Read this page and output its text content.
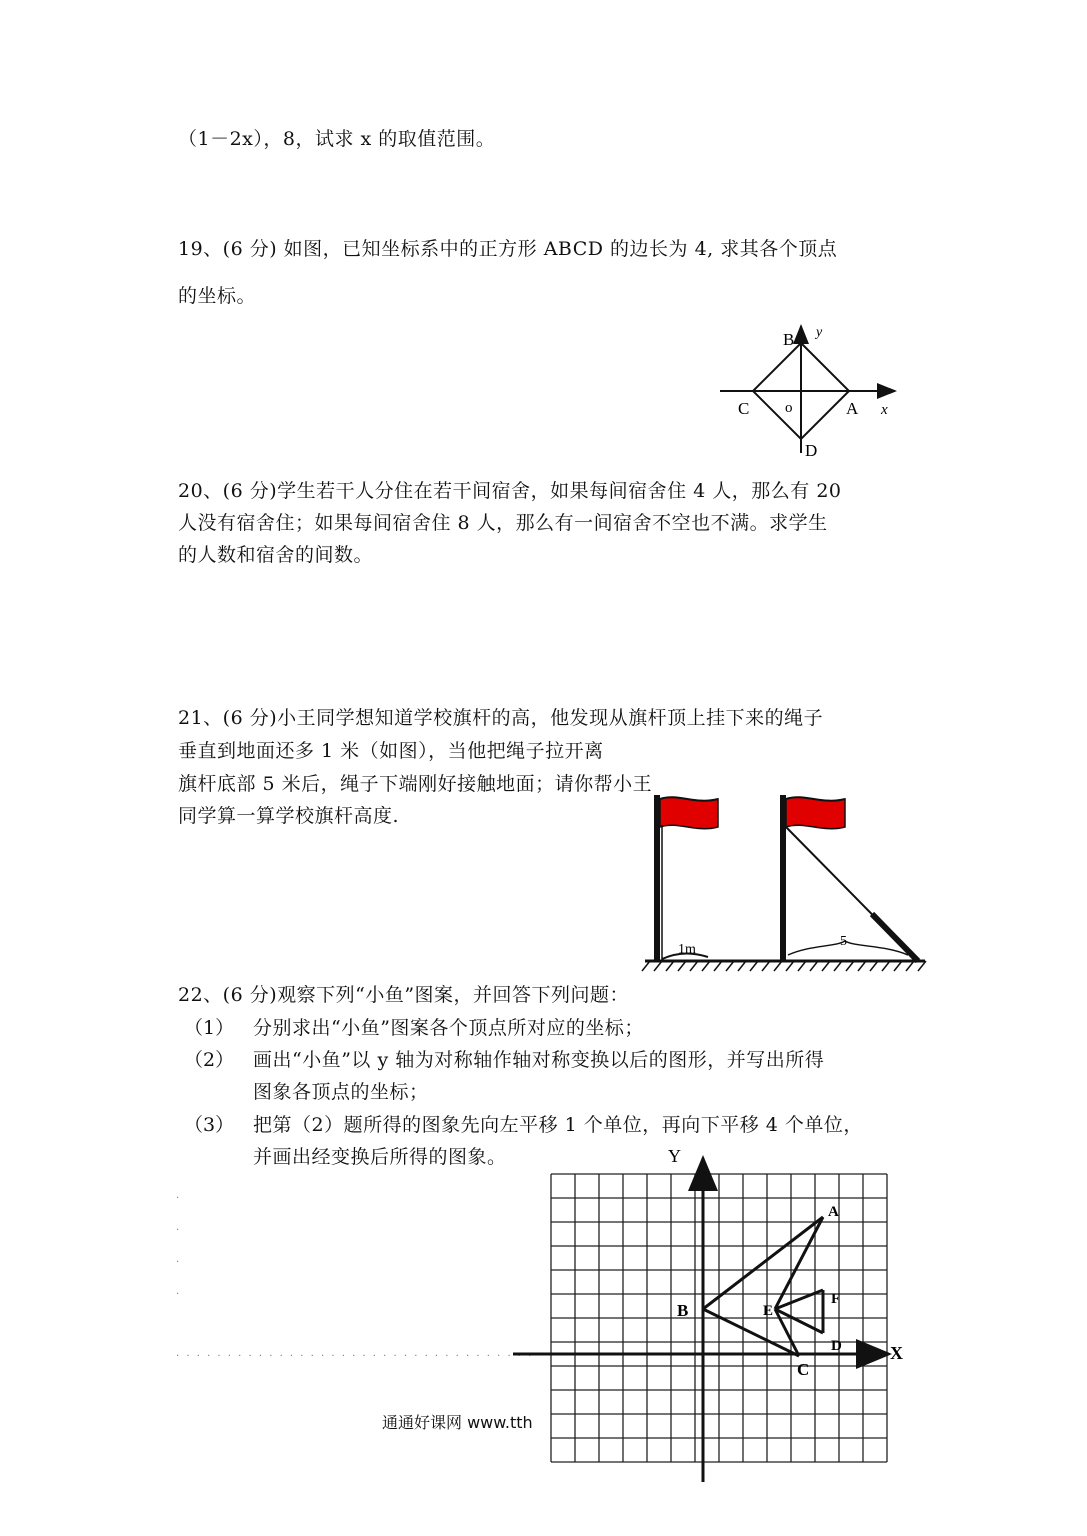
（1－2x），8，试求 x 的取值范围。
19、(6 分) 如图，已知坐标系中的正方形 ABCD 的边长为 4, 求其各个顶点
的坐标。
B y
C o	A x
D
20、(6 分)学生若干人分住在若干间宿舍，如果每间宿舍住 4 人，那么有 20
人没有宿舍住；如果每间宿舍住 8 人，那么有一间宿舍不空也不满。求学生
的人数和宿舍的间数。
21、(6 分)小王同学想知道学校旗杆的高，他发现从旗杆顶上挂下来的绳子
垂直到地面还多 1 米（如图），当他把绳子拉开离
旗杆底部 5 米后，绳子下端刚好接触地面；请你帮小王
同学算一算学校旗杆高度.
1m
5
22、(6 分)观察下列“小鱼”图案，并回答下列问题：
（1） 分别求出“小鱼”图案各个顶点所对应的坐标；
（2） 画出“小鱼”以 y 轴为对称轴作轴对称变换以后的图形，并写出所得
图象各顶点的坐标；
（3） 把第（2）题所得的图象先向左平移 1 个单位，再向下平移 4 个单位，
并画出经变换后所得的图象。
.
.
.
.
. . . . . . . . . . . . . . . . . . . . . . . . . . . . . . . . . . .
A
B
C
D
E
F
Y
X
通通好课网 www.tth
